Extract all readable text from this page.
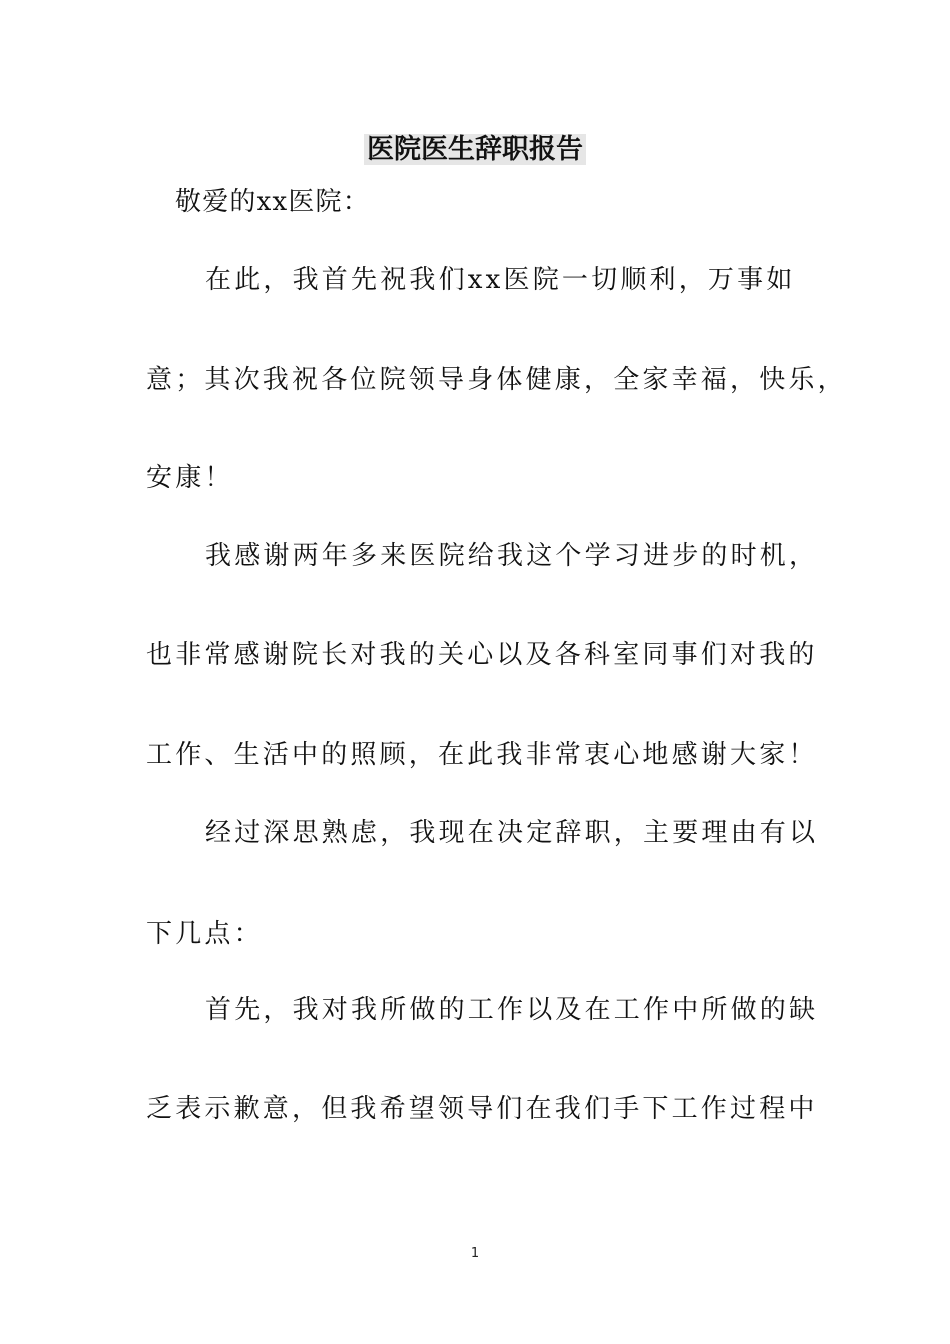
医院医生辞职报告
敬爱的xx医院：
在此，我首先祝我们xx医院一切顺利，万事如
意；其次我祝各位院领导身体健康，全家幸福，快乐，
安康！
我感谢两年多来医院给我这个学习进步的时机，
也非常感谢院长对我的关心以及各科室同事们对我的
工作、生活中的照顾，在此我非常衷心地感谢大家！
经过深思熟虑，我现在决定辞职，主要理由有以
下几点：
首先，我对我所做的工作以及在工作中所做的缺
乏表示歉意，但我希望领导们在我们手下工作过程中
1
